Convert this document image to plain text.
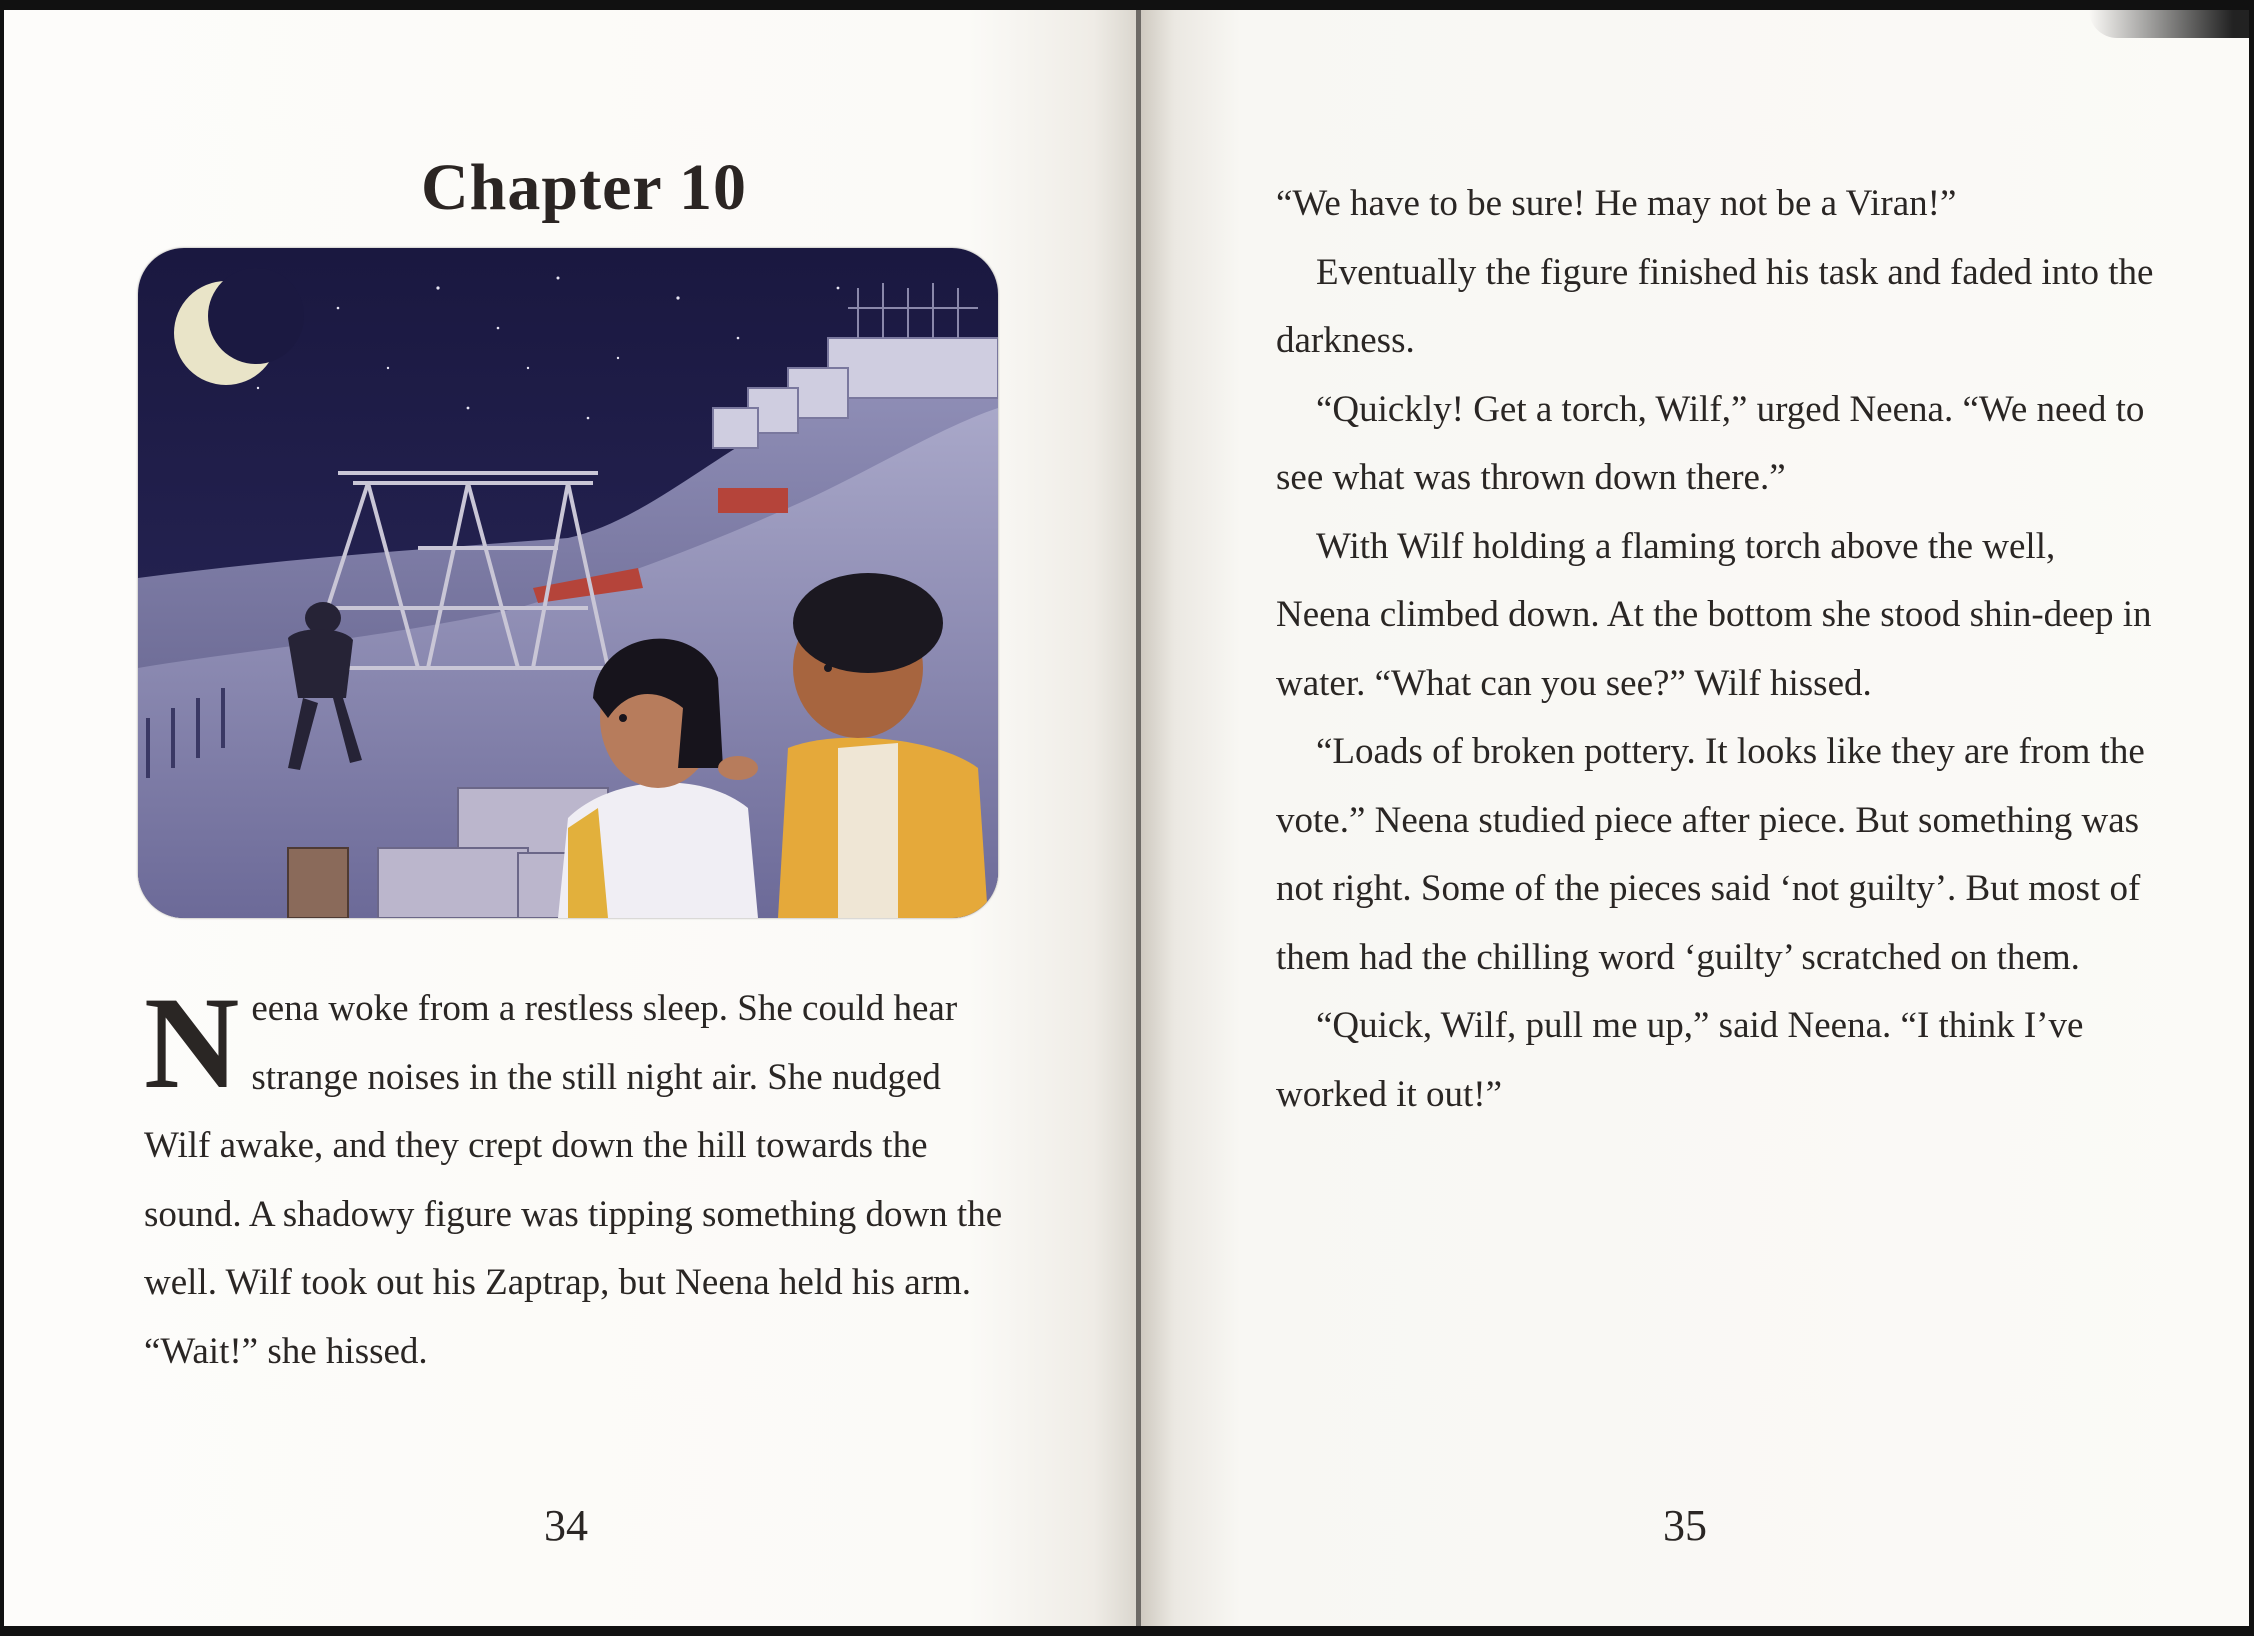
Chapter 10
Neena woke from a restless sleep. She could hear strange noises in the still night air. She nudged Wilf awake, and they crept down the hill towards the sound. A shadowy figure was tipping something down the well. Wilf took out his Zaptrap, but Neena held his arm. “Wait!” she hissed.
34

“We have to be sure! He may not be a Viran!”

Eventually the figure finished his task and faded into the darkness.

“Quickly! Get a torch, Wilf,” urged Neena. “We need to see what was thrown down there.”

With Wilf holding a flaming torch above the well, Neena climbed down. At the bottom she stood shin-deep in water. “What can you see?” Wilf hissed.

“Loads of broken pottery. It looks like they are from the vote.” Neena studied piece after piece. But something was not right. Some of the pieces said ‘not guilty’. But most of them had the chilling word ‘guilty’ scratched on them.

“Quick, Wilf, pull me up,” said Neena. “I think I’ve worked it out!”

35
